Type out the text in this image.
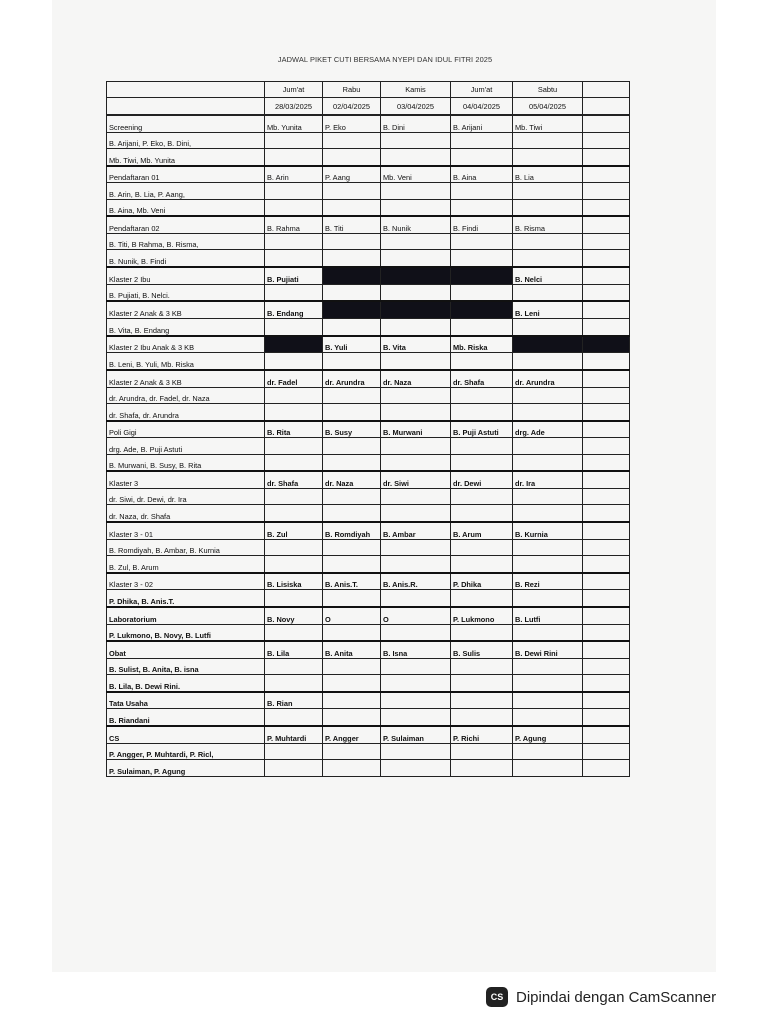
JADWAL PIKET CUTI BERSAMA NYEPI DAN IDUL FITRI 2025
	Jum'at	Rabu	Kamis	Jum'at	Sabtu	
	28/03/2025	02/04/2025	03/04/2025	04/04/2025	05/04/2025	

Screening	Mb. Yunita	P. Eko	B. Dini	B. Arijani	Mb. Tiwi	
B. Arijani, P. Eko, B. Dini,						
Mb. Tiwi, Mb. Yunita						
Pendaftaran 01	B. Arin	P. Aang	Mb. Veni	B. Aina	B. Lia	
B. Arin, B. Lia, P. Aang,						
B. Aina, Mb. Veni						
Pendaftaran 02	B. Rahma	B. Titi	B. Nunik	B. Findi	B. Risma	
B. Titi, B Rahma, B. Risma,						
B. Nunik, B. Findi						
Klaster 2 Ibu	B. Pujiati				B. Nelci	
B. Pujiati, B. Nelci.						
Klaster 2 Anak & 3 KB	B. Endang				B. Leni	
B. Vita, B. Endang						
Klaster 2 Ibu Anak & 3 KB		B. Yuli	B. Vita	Mb. Riska		
B. Leni, B. Yuli, Mb. Riska						
Klaster 2 Anak & 3 KB	dr. Fadel	dr. Arundra	dr. Naza	dr. Shafa	dr. Arundra	
dr. Arundra, dr. Fadel, dr. Naza						
dr. Shafa, dr. Arundra						
Poli Gigi	B. Rita	B. Susy	B. Murwani	B. Puji Astuti	drg. Ade	
drg. Ade, B. Puji Astuti						
B. Murwani, B. Susy, B. Rita						
Klaster 3	dr. Shafa	dr. Naza	dr. Siwi	dr. Dewi	dr. Ira	
dr. Siwi, dr. Dewi, dr. Ira						
dr. Naza, dr. Shafa						
Klaster 3 - 01	B. Zul	B. Romdiyah	B. Ambar	B. Arum	B. Kurnia	
B. Romdiyah, B. Ambar, B. Kurnia						
B. Zul, B. Arum						
Klaster 3 - 02	B. Lisiska	B. Anis.T.	B. Anis.R.	P. Dhika	B. Rezi	
P. Dhika, B. Anis.T.						
Laboratorium	B. Novy	O	O	P. Lukmono	B. Lutfi	
P. Lukmono, B. Novy, B. Lutfi						
Obat	B. Lila	B. Anita	B. Isna	B. Sulis	B. Dewi Rini	
B. Sulist, B. Anita, B. isna						
B. Lila, B. Dewi Rini.						
Tata Usaha	B. Rian					
B. Riandani						
CS	P. Muhtardi	P. Angger	P. Sulaiman	P. Richi	P. Agung	
P. Angger, P. Muhtardi, P. Ricl,						
P. Sulaiman, P. Agung						
CS Dipindai dengan CamScanner
